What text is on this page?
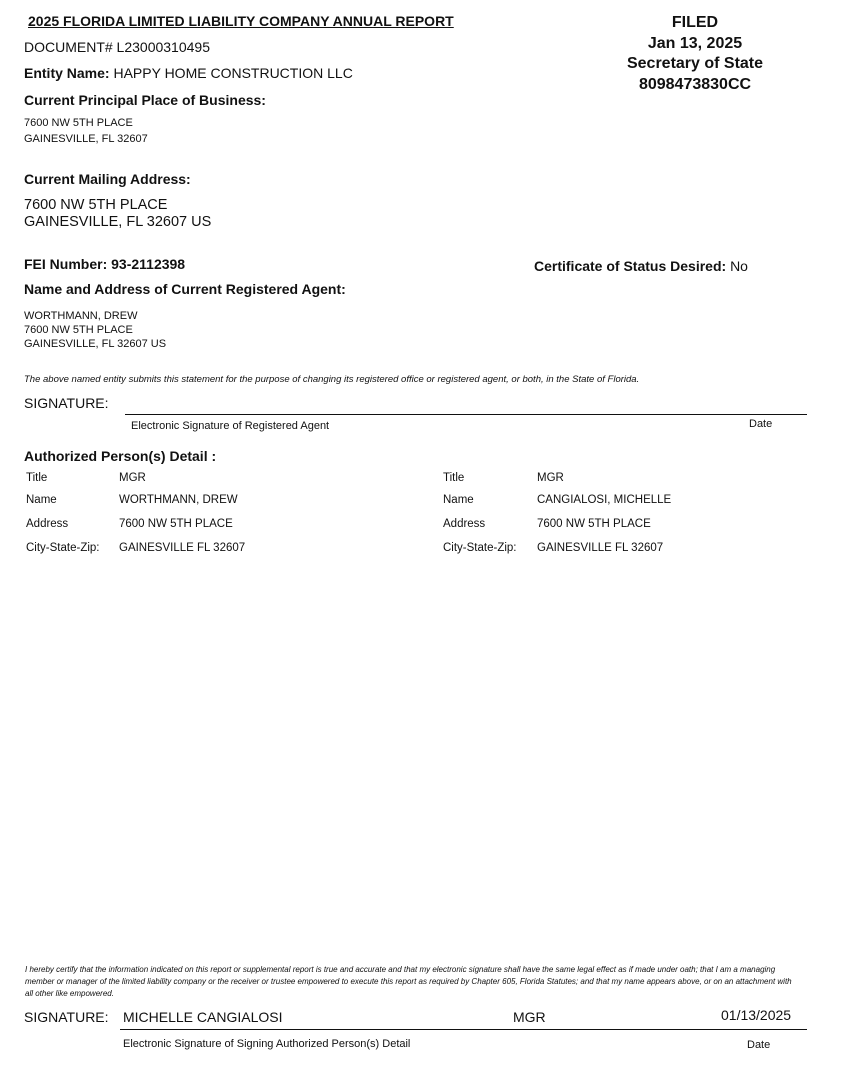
2025 FLORIDA LIMITED LIABILITY COMPANY ANNUAL REPORT
DOCUMENT# L23000310495
Entity Name: HAPPY HOME CONSTRUCTION LLC
FILED
Jan 13, 2025
Secretary of State
8098473830CC
Current Principal Place of Business:
7600 NW 5TH PLACE
GAINESVILLE, FL 32607
Current Mailing Address:
7600 NW 5TH PLACE
GAINESVILLE, FL 32607 US
FEI Number: 93-2112398	Certificate of Status Desired: No
Name and Address of Current Registered Agent:
WORTHMANN, DREW
7600 NW 5TH PLACE
GAINESVILLE, FL 32607 US
The above named entity submits this statement for the purpose of changing its registered office or registered agent, or both, in the State of Florida.
SIGNATURE:
Electronic Signature of Registered Agent	Date
Authorized Person(s) Detail :
Title	MGR
Name	WORTHMANN, DREW
Address	7600 NW 5TH PLACE
City-State-Zip: GAINESVILLE FL 32607
Title	MGR
Name	CANGIALOSI, MICHELLE
Address	7600 NW 5TH PLACE
City-State-Zip: GAINESVILLE FL 32607
I hereby certify that the information indicated on this report or supplemental report is true and accurate and that my electronic signature shall have the same legal effect as if made under oath; that I am a managing member or manager of the limited liability company or the receiver or trustee empowered to execute this report as required by Chapter 605, Florida Statutes; and that my name appears above, or on an attachment with all other like empowered.
SIGNATURE: MICHELLE CANGIALOSI	MGR	01/13/2025
Electronic Signature of Signing Authorized Person(s) Detail	Date
